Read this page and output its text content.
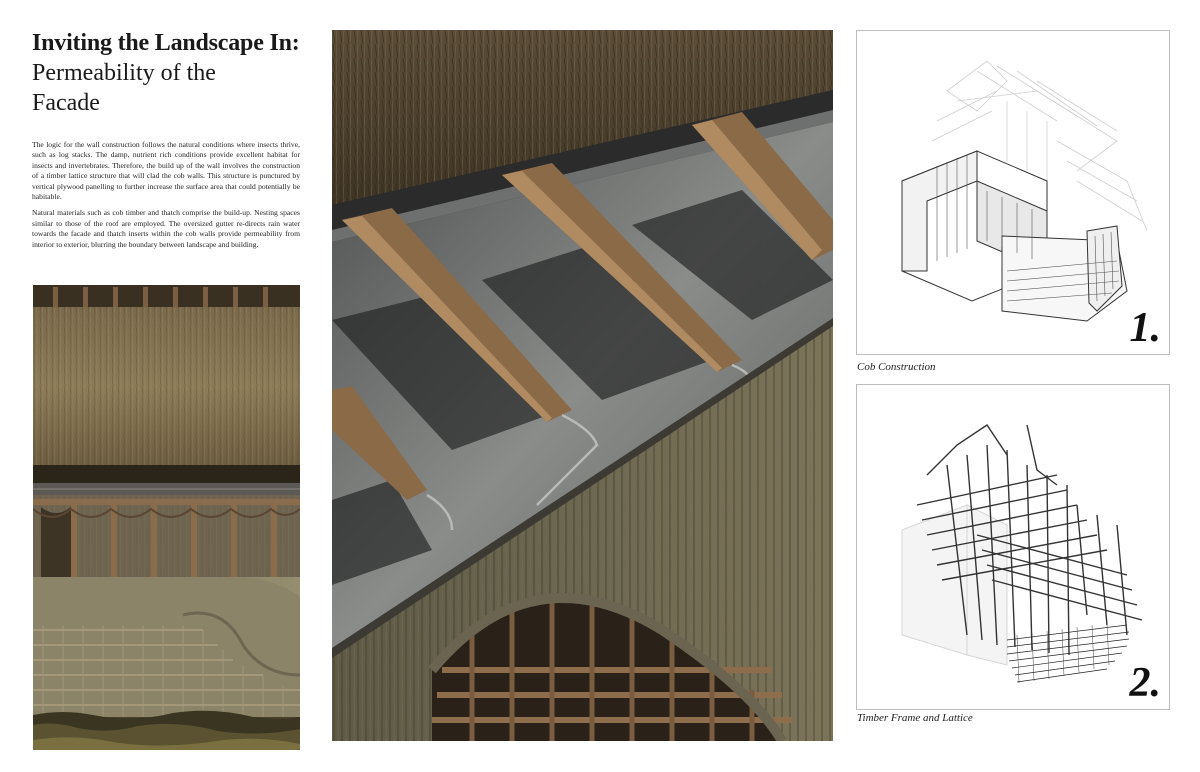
Inviting the Landscape In:
Permeability of the
Facade

The logic for the wall construction follows the natural conditions where insects thrive, such as log stacks. The damp, nutrient rich conditions provide excellent habitat for insects and invertebrates. Therefore, the build up of the wall involves the construction of a timber lattice structure that will clad the cob walls. This structure is punctured by vertical plywood panelling to further increase the surface area that could potentially be habitable.

Natural materials such as cob timber and thatch comprise the build-up. Nesting spaces similar to those of the roof are employed. The oversized gutter re-directs rain water towards the facade and thatch inserts within the cob walls provide permeability from interior to exterior, blurring the boundary between landscape and building.

1.
Cob Construction
2.
Timber Frame and Lattice
